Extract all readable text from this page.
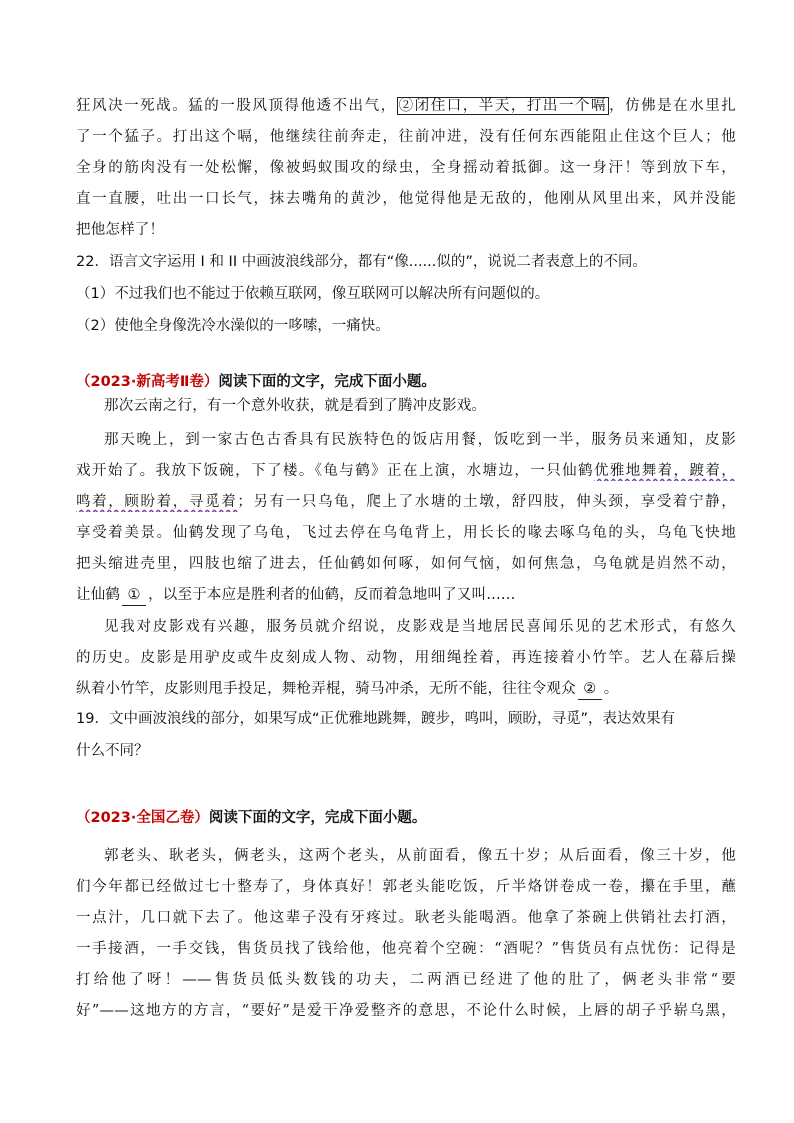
狂风决一死战。猛的一股风顶得他透不出气， ②闭住口，半天，打出一个嗝 ，仿佛是在水里扎
了一个猛子。打出这个嗝，他继续往前奔走，往前冲进，没有任何东西能阻止住这个巨人；他
全身的筋肉没有一处松懈，像被蚂蚁围攻的绿虫，全身摇动着抵御。这一身汗！等到放下车，
直一直腰，吐出一口长气，抹去嘴角的黄沙，他觉得他是无敌的，他刚从风里出来，风并没能
把他怎样了！
22．语言文字运用 I 和 II 中画波浪线部分，都有“像......似的”，说说二者表意上的不同。
（1）不过我们也不能过于依赖互联网，像互联网可以解决所有问题似的。
（2）使他全身像洗冷水澡似的一哆嗦，一痛快。
（2023·新高考Ⅱ卷）阅读下面的文字，完成下面小题。
那次云南之行，有一个意外收获，就是看到了腾冲皮影戏。
那天晚上，到一家古色古香具有民族特色的饭店用餐，饭吃到一半，服务员来通知，皮影
戏开始了。我放下饭碗，下了楼。《龟与鹤》正在上演，水塘边，一只仙鹤优雅地舞着，踱着，
鸣着，顾盼着，寻觅着；另有一只乌龟，爬上了水塘的土墩，舒四肢，伸头颈，享受着宁静，
享受着美景。仙鹤发现了乌龟，飞过去停在乌龟背上，用长长的喙去啄乌龟的头，乌龟飞快地
把头缩进壳里，四肢也缩了进去，任仙鹤如何啄，如何气恼，如何焦急，乌龟就是岿然不动，
让仙鹤 ① ，以至于本应是胜利者的仙鹤，反而着急地叫了又叫……
见我对皮影戏有兴趣，服务员就介绍说，皮影戏是当地居民喜闻乐见的艺术形式，有悠久
的历史。皮影是用驴皮或牛皮刻成人物、动物，用细绳拴着，再连接着小竹竿。艺人在幕后操
纵着小竹竿，皮影则甩手投足，舞枪弄棍，骑马冲杀，无所不能，往往令观众 ② 。
19．文中画波浪线的部分，如果写成“正优雅地跳舞，踱步，鸣叫，顾盼，寻觅”，表达效果有
什么不同？
（2023·全国乙卷）阅读下面的文字，完成下面小题。
郭老头、耿老头，俩老头，这两个老头，从前面看，像五十岁；从后面看，像三十岁，他
们今年都已经做过七十整寿了，身体真好！郭老头能吃饭，斤半烙饼卷成一卷，攥在手里，蘸
一点汁，几口就下去了。他这辈子没有牙疼过。耿老头能喝酒。他拿了茶碗上供销社去打酒，
一手接酒，一手交钱，售货员找了钱给他，他亮着个空碗：“酒呢？”售货员有点忧伤：记得是
打给他了呀！——售货员低头数钱的功夫，二两酒已经进了他的肚了，俩老头非常“要
好”——这地方的方言，“要好”是爱干净爱整齐的意思，不论什么时候，上唇的胡子乎崭乌黑，
